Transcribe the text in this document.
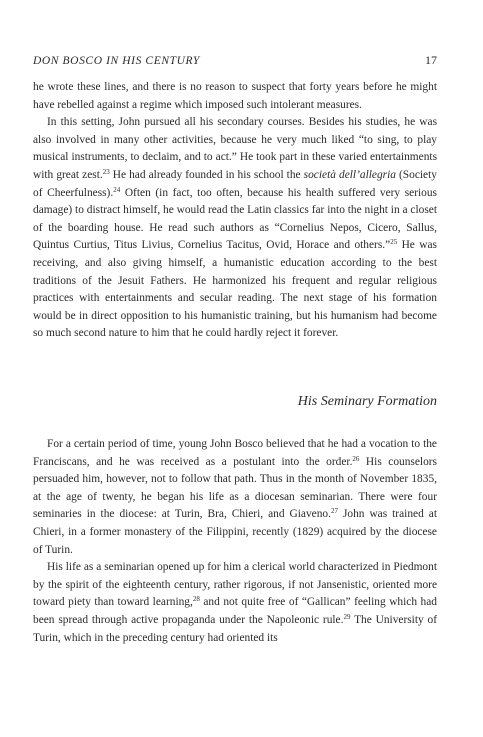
DON BOSCO IN HIS CENTURY	17

he wrote these lines, and there is no reason to suspect that forty years before he might have rebelled against a regime which imposed such intolerant measures.

In this setting, John pursued all his secondary courses. Besides his studies, he was also involved in many other activities, because he very much liked “to sing, to play musical instruments, to declaim, and to act.” He took part in these varied entertainments with great zest.$^{23}$ He had already founded in his school the società dell’allegria (Society of Cheerfulness).$^{24}$ Often (in fact, too often, because his health suffered very serious damage) to distract himself, he would read the Latin classics far into the night in a closet of the boarding house. He read such authors as “Cornelius Nepos, Cicero, Sallus, Quintus Curtius, Titus Livius, Cornelius Tacitus, Ovid, Horace and others.”$^{25}$ He was receiving, and also giving himself, a humanistic education according to the best traditions of the Jesuit Fathers. He harmonized his frequent and regular religious practices with entertainments and secular reading. The next stage of his formation would be in direct opposition to his humanistic training, but his humanism had become so much second nature to him that he could hardly reject it forever.

His Seminary Formation

For a certain period of time, young John Bosco believed that he had a vocation to the Franciscans, and he was received as a postulant into the order.$^{26}$ His counselors persuaded him, however, not to follow that path. Thus in the month of November 1835, at the age of twenty, he began his life as a diocesan seminarian. There were four seminaries in the diocese: at Turin, Bra, Chieri, and Giaveno.$^{27}$ John was trained at Chieri, in a former monastery of the Filippini, recently (1829) acquired by the diocese of Turin.

His life as a seminarian opened up for him a clerical world characterized in Piedmont by the spirit of the eighteenth century, rather rigorous, if not Jansenistic, oriented more toward piety than toward learning,$^{28}$ and not quite free of “Gallican” feeling which had been spread through active propaganda under the Napoleonic rule.$^{29}$ The University of Turin, which in the preceding century had oriented its
